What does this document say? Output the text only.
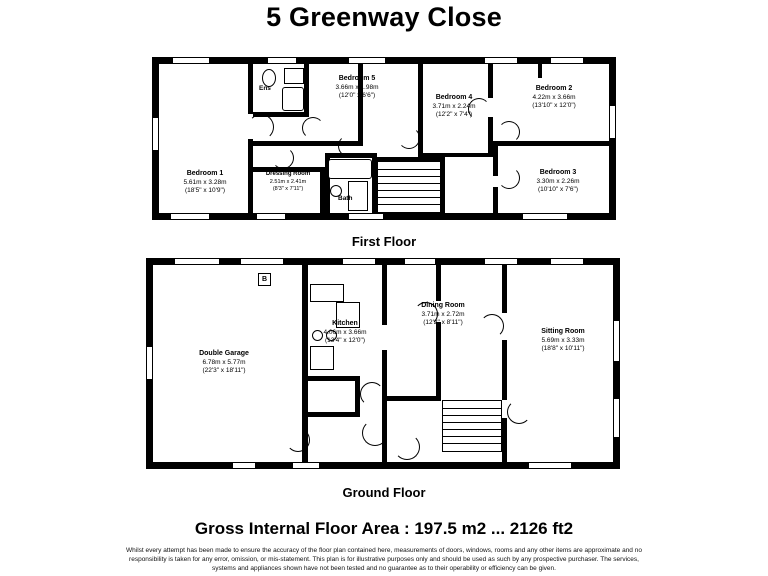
5 Greenway Close
Bedroom 1
5.61m x 3.28m
(18'5" x 10'9")
Bedroom 5
3.66m x 1.98m
(12'0" x 6'6")	Bedroom 4
3.71m x 2.24m
(12'2" x 7'4")
Bedroom 2
4.22m x 3.66m
(13'10" x 12'0")
Bedroom 3
3.30m x 2.26m
(10'10" x 7'6")
Dressing Room
2.51m x 2.41m
(8'3" x 7'11")
Ens
Bath
First Floor
B
Double Garage
6.78m x 5.77m
(22'3" x 18'11")
Kitchen
4.06m x 3.66m
(13'4" x 12'0")
Dining Room
3.71m x 2.72m
(12'2" x 8'11")
Sitting Room
5.69m x 3.33m
(18'8" x 10'11")
Ground Floor
Gross Internal Floor Area : 197.5 m2 ... 2126 ft2
Whilst every attempt has been made to ensure the accuracy of the floor plan contained here, measurements of doors, windows, rooms and any other items are approximate and no responsibility is taken for any error, omission, or mis-statement. This plan is for illustrative purposes only and should be used as such by any prospective purchaser. The services, systems and appliances shown have not been tested and no guarantee as to their operability or efficiency can be given.
